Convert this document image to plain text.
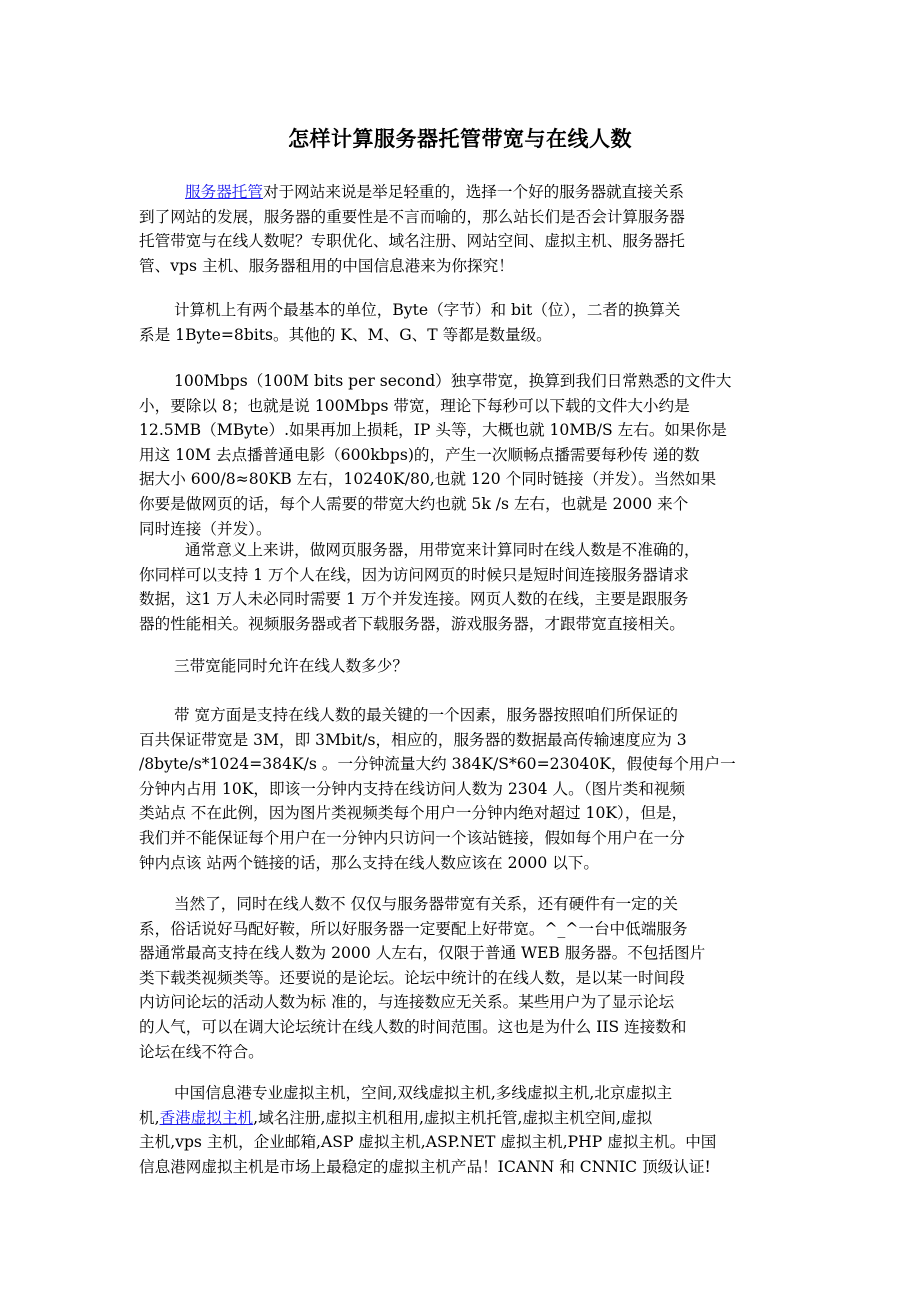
怎样计算服务器托管带宽与在线人数

服务器托管对于网站来说是举足轻重的，选择一个好的服务器就直接关系
到了网站的发展，服务器的重要性是不言而喻的，那么站长们是否会计算服务器
托管带宽与在线人数呢？专职优化、域名注册、网站空间、虚拟主机、服务器托
管、vps 主机、服务器租用的中国信息港来为你探究！

计算机上有两个最基本的单位，Byte（字节）和 bit（位），二者的换算关
系是 1Byte=8bits。其他的 K、M、G、T 等都是数量级。

100Mbps（100M bits per second）独享带宽，换算到我们日常熟悉的文件大
小，要除以 8；也就是说 100Mbps 带宽，理论下每秒可以下载的文件大小约是
12.5MB（MByte）.如果再加上损耗，IP 头等，大概也就 10MB/S 左右。如果你是
用这 10M 去点播普通电影（600kbps)的，产生一次顺畅点播需要每秒传 递的数
据大小 600/8≈80KB 左右，10240K/80,也就 120 个同时链接（并发）。当然如果
你要是做网页的话，每个人需要的带宽大约也就 5k /s 左右，也就是 2000 来个
同时连接（并发）。

通常意义上来讲，做网页服务器，用带宽来计算同时在线人数是不准确的，
你同样可以支持 1 万个人在线，因为访问网页的时候只是短时间连接服务器请求
数据，这1 万人未必同时需要 1 万个并发连接。网页人数的在线，主要是跟服务
器的性能相关。视频服务器或者下载服务器，游戏服务器，才跟带宽直接相关。

三带宽能同时允许在线人数多少？

带 宽方面是支持在线人数的最关键的一个因素，服务器按照咱们所保证的
百共保证带宽是 3M，即 3Mbit/s，相应的，服务器的数据最高传输速度应为 3
/8byte/s*1024=384K/s 。一分钟流量大约 384K/S*60=23040K，假使每个用户一
分钟内占用 10K，即该一分钟内支持在线访问人数为 2304 人。（图片类和视频
类站点 不在此例，因为图片类视频类每个用户一分钟内绝对超过 10K），但是，
我们并不能保证每个用户在一分钟内只访问一个该站链接，假如每个用户在一分
钟内点该 站两个链接的话，那么支持在线人数应该在 2000 以下。

当然了，同时在线人数不 仅仅与服务器带宽有关系，还有硬件有一定的关
系，俗话说好马配好鞍，所以好服务器一定要配上好带宽。^_^一台中低端服务
器通常最高支持在线人数为 2000 人左右，仅限于普通 WEB 服务器。不包括图片
类下载类视频类等。还要说的是论坛。论坛中统计的在线人数，是以某一时间段
内访问论坛的活动人数为标 准的，与连接数应无关系。某些用户为了显示论坛
的人气，可以在调大论坛统计在线人数的时间范围。这也是为什么 IIS 连接数和
论坛在线不符合。

中国信息港专业虚拟主机，空间,双线虚拟主机,多线虚拟主机,北京虚拟主
机,香港虚拟主机,域名注册,虚拟主机租用,虚拟主机托管,虚拟主机空间,虚拟
主机,vps 主机，企业邮箱,ASP 虚拟主机,ASP.NET 虚拟主机,PHP 虚拟主机。中国
信息港网虚拟主机是市场上最稳定的虚拟主机产品！ICANN 和 CNNIC 顶级认证!
